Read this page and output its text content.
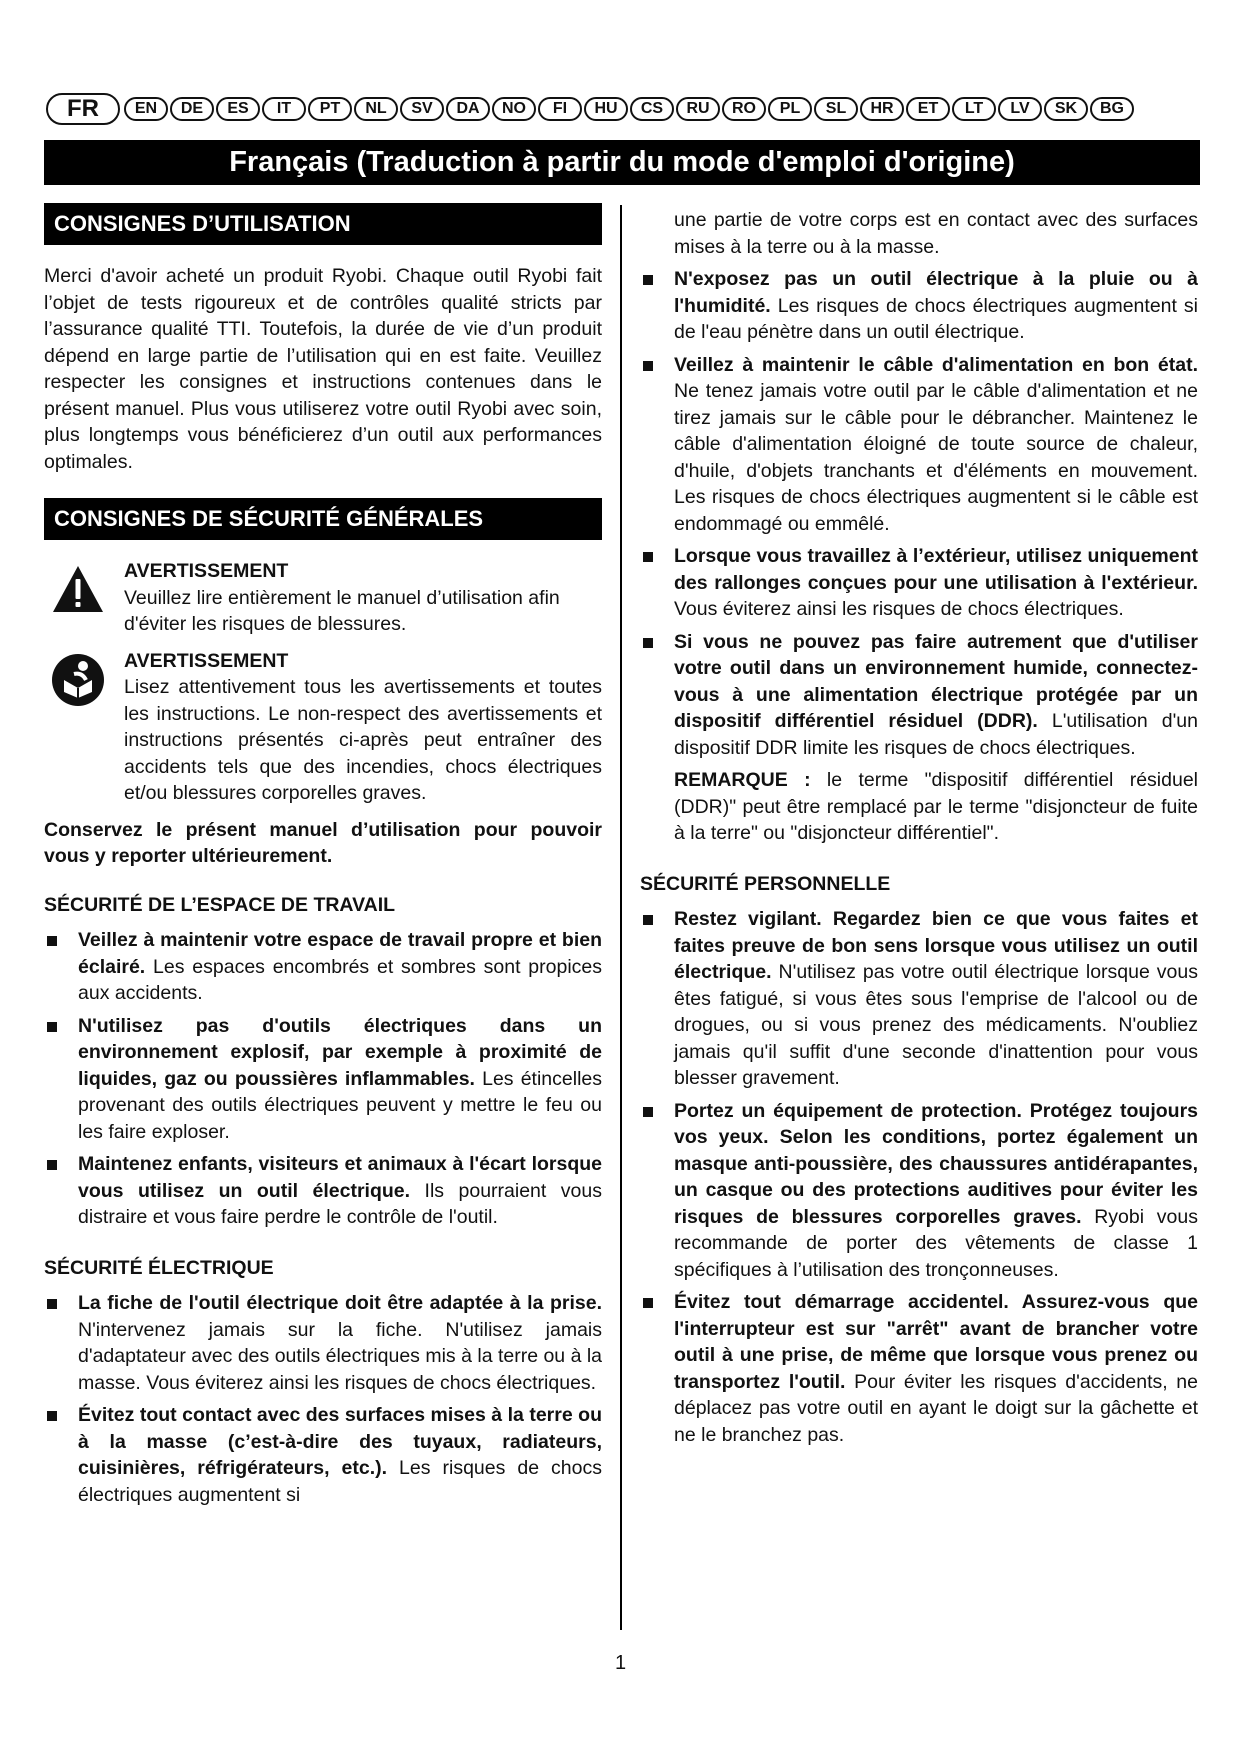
FR	EN	DE	ES	IT	PT	NL	SV	DA	NO	FI	HU	CS	RU	RO	PL	SL	HR	ET	LT	LV	SK	BG
Français (Traduction à partir du mode d'emploi d'origine)
CONSIGNES D’UTILISATION

Merci d'avoir acheté un produit Ryobi. Chaque outil Ryobi fait l’objet de tests rigoureux et de contrôles qualité stricts par l’assurance qualité TTI. Toutefois, la durée de vie d’un produit dépend en large partie de l’utilisation qui en est faite. Veuillez respecter les consignes et instructions contenues dans le présent manuel. Plus vous utiliserez votre outil Ryobi avec soin, plus longtemps vous bénéficierez d’un outil aux performances optimales.

CONSIGNES DE SÉCURITÉ GÉNÉRALES

AVERTISSEMENT

Veuillez lire entièrement le manuel d’utilisation afin d'éviter les risques de blessures.

AVERTISSEMENT

Lisez attentivement tous les avertissements et toutes les instructions. Le non-respect des avertissements et instructions présentés ci-après peut entraîner des accidents tels que des incendies, chocs électriques et/ou blessures corporelles graves.

Conservez le présent manuel d’utilisation pour pouvoir vous y reporter ultérieurement.

SÉCURITÉ DE L’ESPACE DE TRAVAIL

Veillez à maintenir votre espace de travail propre et bien éclairé. Les espaces encombrés et sombres sont propices aux accidents.
N'utilisez pas d'outils électriques dans un environnement explosif, par exemple à proximité de liquides, gaz ou poussières inflammables. Les étincelles provenant des outils électriques peuvent y mettre le feu ou les faire exploser.
Maintenez enfants, visiteurs et animaux à l'écart lorsque vous utilisez un outil électrique. Ils pourraient vous distraire et vous faire perdre le contrôle de l'outil.

SÉCURITÉ ÉLECTRIQUE

La fiche de l'outil électrique doit être adaptée à la prise. N'intervenez jamais sur la fiche. N'utilisez jamais d'adaptateur avec des outils électriques mis à la terre ou à la masse. Vous éviterez ainsi les risques de chocs électriques.
Évitez tout contact avec des surfaces mises à la terre ou à la masse (c’est-à-dire des tuyaux, radiateurs, cuisinières, réfrigérateurs, etc.). Les risques de chocs électriques augmentent si

une partie de votre corps est en contact avec des surfaces mises à la terre ou à la masse.

N'exposez pas un outil électrique à la pluie ou à l'humidité. Les risques de chocs électriques augmentent si de l'eau pénètre dans un outil électrique.
Veillez à maintenir le câble d'alimentation en bon état. Ne tenez jamais votre outil par le câble d'alimentation et ne tirez jamais sur le câble pour le débrancher. Maintenez le câble d'alimentation éloigné de toute source de chaleur, d'huile, d'objets tranchants et d'éléments en mouvement. Les risques de chocs électriques augmentent si le câble est endommagé ou emmêlé.
Lorsque vous travaillez à l’extérieur, utilisez uniquement des rallonges conçues pour une utilisation à l'extérieur. Vous éviterez ainsi les risques de chocs électriques.
Si vous ne pouvez pas faire autrement que d'utiliser votre outil dans un environnement humide, connectez-vous à une alimentation électrique protégée par un dispositif différentiel résiduel (DDR). L'utilisation d'un dispositif DDR limite les risques de chocs électriques.

REMARQUE : le terme "dispositif différentiel résiduel (DDR)" peut être remplacé par le terme "disjoncteur de fuite à la terre" ou "disjoncteur différentiel".

SÉCURITÉ PERSONNELLE

Restez vigilant. Regardez bien ce que vous faites et faites preuve de bon sens lorsque vous utilisez un outil électrique. N'utilisez pas votre outil électrique lorsque vous êtes fatigué, si vous êtes sous l'emprise de l'alcool ou de drogues, ou si vous prenez des médicaments. N'oubliez jamais qu'il suffit d'une seconde d'inattention pour vous blesser gravement.
Portez un équipement de protection. Protégez toujours vos yeux. Selon les conditions, portez également un masque anti-poussière, des chaussures antidérapantes, un casque ou des protections auditives pour éviter les risques de blessures corporelles graves. Ryobi vous recommande de porter des vêtements de classe 1 spécifiques à l’utilisation des tronçonneuses.
Évitez tout démarrage accidentel. Assurez-vous que l'interrupteur est sur "arrêt" avant de brancher votre outil à une prise, de même que lorsque vous prenez ou transportez l'outil. Pour éviter les risques d'accidents, ne déplacez pas votre outil en ayant le doigt sur la gâchette et ne le branchez pas.
1
